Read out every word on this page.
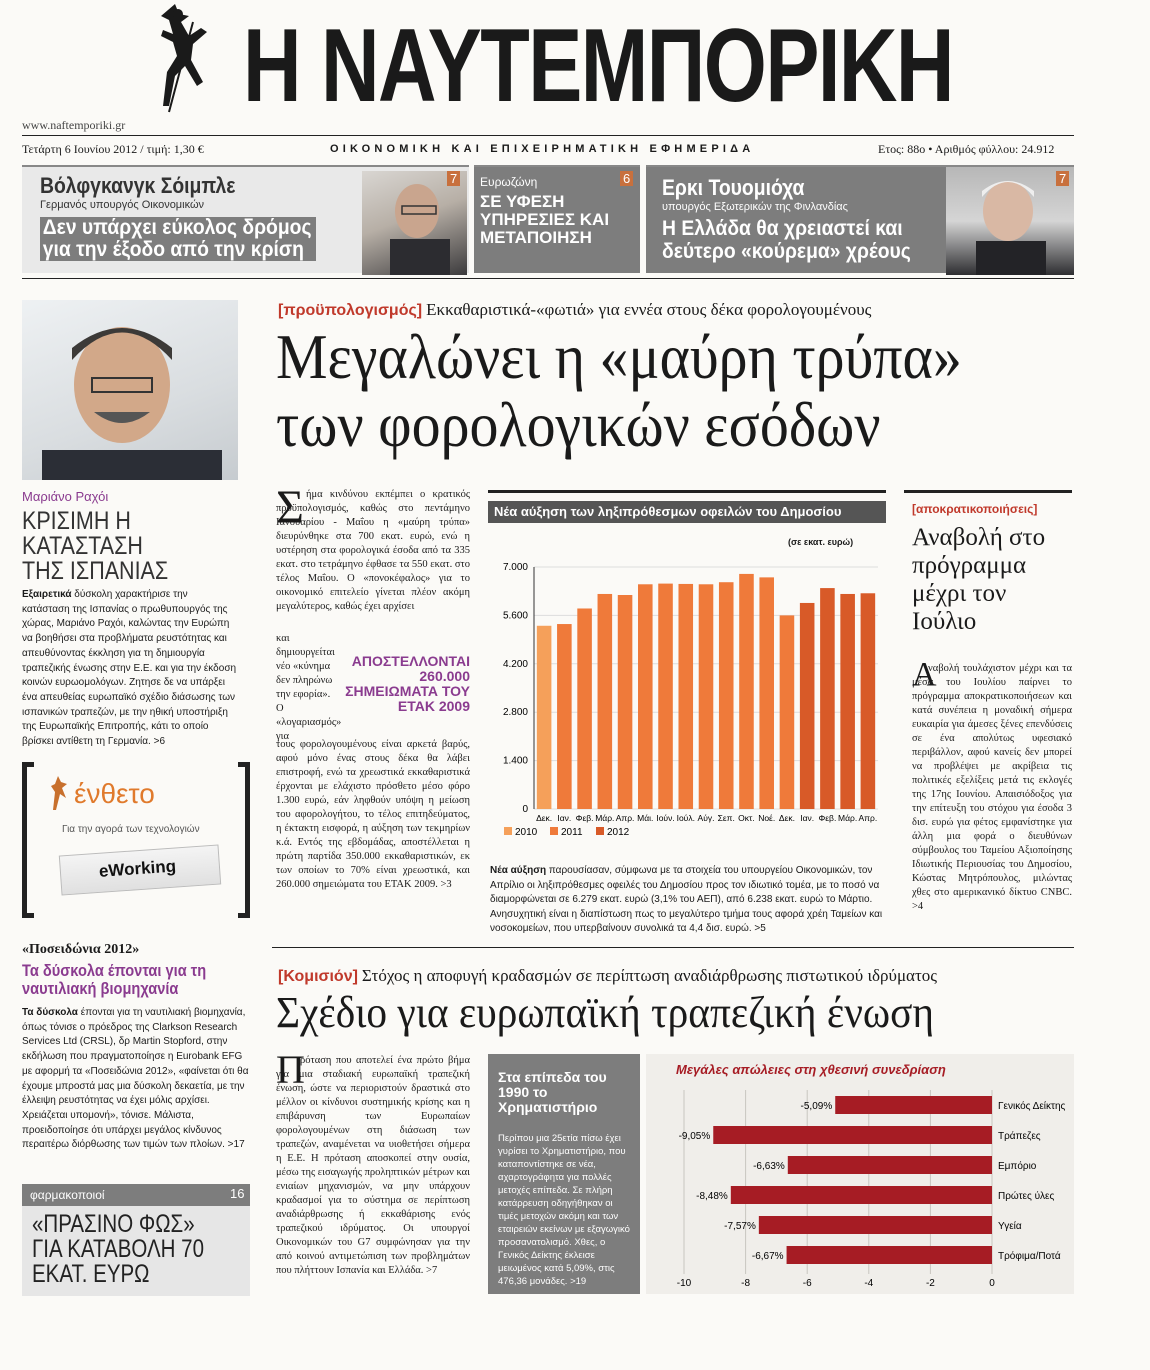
Η ΝΑΥΤΕΜΠΟΡΙΚΗ
www.naftemporiki.gr
Τετάρτη 6 Ιουνίου 2012 / τιμή: 1,30 €	ΟΙΚΟΝΟΜΙΚΗ ΚΑΙ ΕΠΙΧΕΙΡΗΜΑΤΙΚΗ ΕΦΗΜΕΡΙΔΑ	Ετος: 88ο • Αριθμός φύλλου: 24.912
Βόλφγκανγκ Σόιμπλε
Γερμανός υπουργός Οικονομικών
Δεν υπάρχει εύκολος δρόμος για την έξοδο από την κρίση
7 Ευρωζώνη
ΣΕ ΥΦΕΣΗ ΥΠΗΡΕΣΙΕΣ ΚΑΙ ΜΕΤΑΠΟΙΗΣΗ
6 Ερκι Τουομιόχα
υπουργός Εξωτερικών της Φινλανδίας
Η Ελλάδα θα χρειαστεί και δεύτερο «κούρεμα» χρέους
7
Μαριάνο Ραχόι
ΚΡΙΣΙΜΗ Η ΚΑΤΑΣΤΑΣΗ ΤΗΣ ΙΣΠΑΝΙΑΣ
Εξαιρετικά δύσκολη χαρακτήρισε την κατάσταση της Ισπανίας ο πρωθυπουργός της χώρας, Μαριάνο Ραχόι, καλώντας την Ευρώπη να βοηθήσει στα προβλήματα ρευστότητας και απευθύνοντας έκκληση για τη δημιουργία τραπεζικής ένωσης στην Ε.Ε. και για την έκδοση κοινών ευρωομολόγων. Ζητησε δε να υπάρξει ένα απευθείας ευρωπαϊκό σχέδιο διάσωσης των ισπανικών τραπεζών, με την ηθική υποστήριξη της Ευρωπαϊκής Επιτροπής, κάτι το οποίο βρίσκει αντίθετη τη Γερμανία. >6
ένθετο
Για την αγορά των τεχνολογιών
eWorking
«Ποσειδώνια 2012»
Τα δύσκολα έπονται για τη ναυτιλιακή βιομηχανία
Τα δύσκολα έπονται για τη ναυτιλιακή βιομηχανία, όπως τόνισε ο πρόεδρος της Clarkson Research Services Ltd (CRSL), δρ Martin Stopford, στην εκδήλωση που πραγματοποίησε η Eurobank EFG με αφορμή τα «Ποσειδώνια 2012», «φαίνεται ότι θα έχουμε μπροστά μας μια δύσκολη δεκαετία, με την έλλειψη ρευστότητας να έχει μόλις αρχίσει. Χρειάζεται υπομονή», τόνισε. Μάλιστα, προειδοποίησε ότι υπάρχει μεγάλος κίνδυνος περαιτέρω διόρθωσης των τιμών των πλοίων. >17
φαρμακοποιοί	16
«ΠΡΑΣΙΝΟ ΦΩΣ» ΓΙΑ ΚΑΤΑΒΟΛΗ 70 ΕΚΑΤ. ΕΥΡΩ
[προϋπολογισμός] Εκκαθαριστικά-«φωτιά» για εννέα στους δέκα φορολογουμένους
Μεγαλώνει η «μαύρη τρύπα»
των φορολογικών εσόδων
Σ ήμα κινδύνου εκπέμπει ο κρατικός προϋπολογισμός, καθώς στο πεντάμηνο Ιανουαρίου - Μαΐου η «μαύρη τρύπα» διευρύνθηκε στα 700 εκατ. ευρώ, ενώ η υστέρηση στα φορολογικά έσοδα από τα 335 εκατ. στο τετράμηνο έφθασε τα 550 εκατ. στο τέλος Μαΐου. Ο «πονοκέφαλος» για το οικονομικό επιτελείο γίνεται πλέον ακόμη μεγαλύτερος, καθώς έχει αρχίσει
και δημιουργείται νέο «κύνημα δεν πληρώνω την εφορία». Ο «λογαριασμός» για
ΑΠΟΣΤΕΛΛΟΝΤΑΙ 260.000 ΣΗΜΕΙΩΜΑΤΑ ΤΟΥ ΕΤΑΚ 2009
τους φορολογουμένους είναι αρκετά βαρύς, αφού μόνο ένας στους δέκα θα λάβει επιστροφή, ενώ τα χρεωστικά εκκαθαριστικά έρχονται με ελάχιστο πρόσθετο μέσο φόρο 1.300 ευρώ, εάν ληφθούν υπόψη η μείωση του αφορολογήτου, το τέλος επιτηδεύματος, η έκτακτη εισφορά, η αύξηση των τεκμηρίων κ.ά. Εντός της εβδομάδας, αποστέλλεται η πρώτη παρτίδα 350.000 εκκαθαριστικών, εκ των οποίων το 70% είναι χρεωστικά, και 260.000 σημειώματα του ΕΤΑΚ 2009. >3
Νέα αύξηση των ληξιπρόθεσμων οφειλών του Δημοσίου
(σε εκατ. ευρώ)
7.000
5.600
4.200
2.800
1.400
0
Δεκ. Ιαν. Φεβ. Μάρ. Απρ. Μάι. Ιούν. Ιούλ. Αύγ. Σεπ. Οκτ. Νοέ. Δεκ. Ιαν. Φεβ. Μάρ. Απρ.
2010 2011 2012
Νέα αύξηση παρουσίασαν, σύμφωνα με τα στοιχεία του υπουργείου Οικονομικών, τον Απρίλιο οι ληξιπρόθεσμες οφειλές του Δημοσίου προς τον ιδιωτικό τομέα, με το ποσό να διαμορφώνεται σε 6.279 εκατ. ευρώ (3,1% του ΑΕΠ), από 6.238 εκατ. ευρώ το Μάρτιο. Ανησυχητική είναι η διαπίστωση πως το μεγαλύτερο τμήμα τους αφορά χρέη Ταμείων και νοσοκομείων, που υπερβαίνουν συνολικά τα 4,4 δισ. ευρώ. >5
[αποκρατικοποιήσεις]
Αναβολή στο πρόγραμμα μέχρι τον Ιούλιο
Α
ναβολή τουλάχιστον μέχρι και τα μέσα του Ιουλίου παίρνει το πρόγραμμα αποκρατικοποιήσεων και κατά συνέπεια η μοναδική σήμερα ευκαιρία για άμεσες ξένες επενδύσεις σε ένα απολύτως υφεσιακό περιβάλλον, αφού κανείς δεν μπορεί να προβλέψει με ακρίβεια τις πολιτικές εξελίξεις μετά τις εκλογές της 17ης Ιουνίου. Απαισιόδοξος για την επίτευξη του στόχου για έσοδα 3 δισ. ευρώ για φέτος εμφανίστηκε για άλλη μια φορά ο διευθύνων σύμβουλος του Ταμείου Αξιοποίησης Ιδιωτικής Περιουσίας του Δημοσίου, Κώστας Μητρόπουλος, μιλώντας χθες στο αμερικανικό δίκτυο CNBC. >4
[Κομισιόν] Στόχος η αποφυγή κραδασμών σε περίπτωση αναδιάρθρωσης πιστωτικού ιδρύματος
Σχέδιο για ευρωπαϊκή τραπεζική ένωση
Π
ρόταση που αποτελεί ένα πρώτο βήμα για μια σταδιακή ευρωπαϊκή τραπεζική ένωση, ώστε να περιοριστούν δραστικά στο μέλλον οι κίνδυνοι συστημικής κρίσης και η επιβάρυνση των Ευρωπαίων φορολογουμένων στη διάσωση των τραπεζών, αναμένεται να υιοθετήσει σήμερα η Ε.Ε. Η πρόταση αποσκοπεί στην ουσία, μέσω της εισαγωγής προληπτικών μέτρων και ενιαίων μηχανισμών, να μην υπάρχουν κραδασμοί για το σύστημα σε περίπτωση αναδιάρθρωσης ή εκκαθάρισης ενός τραπεζικού ιδρύματος. Οι υπουργοί Οικονομικών του G7 συμφώνησαν για την από κοινού αντιμετώπιση των προβλημάτων που πλήττουν Ισπανία και Ελλάδα. >7
Στα επίπεδα του 1990 το Χρηματιστήριο
Περίπου μια 25ετία πίσω έχει γυρίσει το Χρηματιστήριο, που καταποντίστηκε σε νέα, αχαρτογράφητα για πολλές μετοχές επίπεδα. Σε πλήρη κατάρρευση οδηγήθηκαν οι τιμές μετοχών ακόμη και των εταιρειών εκείνων με εξαγωγικό προσανατολισμό. Χθες, ο Γενικός Δείκτης έκλεισε μειωμένος κατά 5,09%, στις 476,36 μονάδες. >19
Μεγάλες απώλειες στη χθεσινή συνεδρίαση
-10	-8	-6	-4	-2	0
-5,09%	Γενικός Δείκτης
-9,05%	Τράπεζες
-6,63%	Εμπόριο
-8,48%	Πρώτες ύλες
-7,57%	Υγεία
-6,67%	Τρόφιμα/Ποτά
